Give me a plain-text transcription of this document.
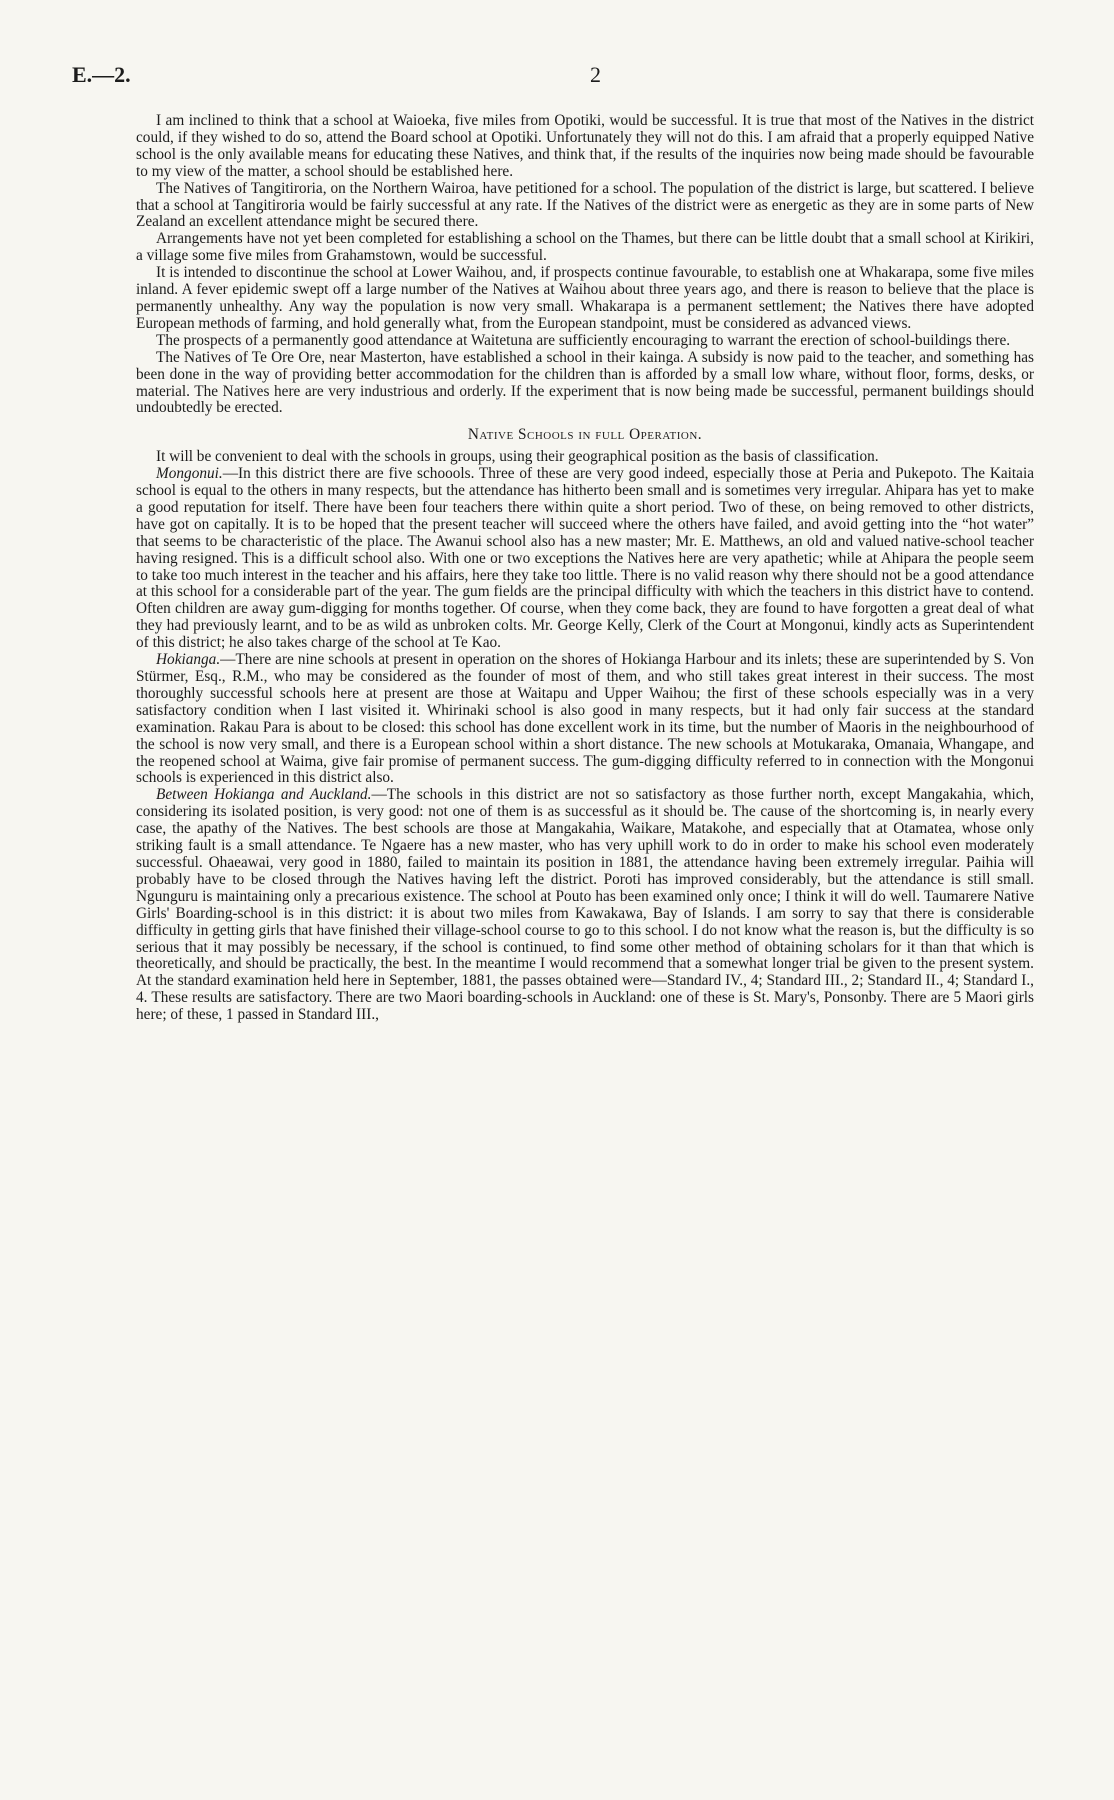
E.—2.	2

I am inclined to think that a school at Waioeka, five miles from Opotiki, would be successful. It is true that most of the Natives in the district could, if they wished to do so, attend the Board school at Opotiki. Unfortunately they will not do this. I am afraid that a properly equipped Native school is the only available means for educating these Natives, and think that, if the results of the inquiries now being made should be favourable to my view of the matter, a school should be established here.

The Natives of Tangitiroria, on the Northern Wairoa, have petitioned for a school. The population of the district is large, but scattered. I believe that a school at Tangitiroria would be fairly successful at any rate. If the Natives of the district were as energetic as they are in some parts of New Zealand an excellent attendance might be secured there.

Arrangements have not yet been completed for establishing a school on the Thames, but there can be little doubt that a small school at Kirikiri, a village some five miles from Grahamstown, would be successful.

It is intended to discontinue the school at Lower Waihou, and, if prospects continue favourable, to establish one at Whakarapa, some five miles inland. A fever epidemic swept off a large number of the Natives at Waihou about three years ago, and there is reason to believe that the place is permanently unhealthy. Any way the population is now very small. Whakarapa is a permanent settlement; the Natives there have adopted European methods of farming, and hold generally what, from the European standpoint, must be considered as advanced views.

The prospects of a permanently good attendance at Waitetuna are sufficiently encouraging to warrant the erection of school-buildings there.

The Natives of Te Ore Ore, near Masterton, have established a school in their kainga. A subsidy is now paid to the teacher, and something has been done in the way of providing better accommodation for the children than is afforded by a small low whare, without floor, forms, desks, or material. The Natives here are very industrious and orderly. If the experiment that is now being made be successful, permanent buildings should undoubtedly be erected.

Native Schools in full Operation.

It will be convenient to deal with the schools in groups, using their geographical position as the basis of classification.

Mongonui.—In this district there are five schoools. Three of these are very good indeed, especially those at Peria and Pukepoto. The Kaitaia school is equal to the others in many respects, but the attendance has hitherto been small and is sometimes very irregular. Ahipara has yet to make a good reputation for itself. There have been four teachers there within quite a short period. Two of these, on being removed to other districts, have got on capitally. It is to be hoped that the present teacher will succeed where the others have failed, and avoid getting into the “hot water” that seems to be characteristic of the place. The Awanui school also has a new master; Mr. E. Matthews, an old and valued native-school teacher having resigned. This is a difficult school also. With one or two exceptions the Natives here are very apathetic; while at Ahipara the people seem to take too much interest in the teacher and his affairs, here they take too little. There is no valid reason why there should not be a good attendance at this school for a considerable part of the year. The gum fields are the principal difficulty with which the teachers in this district have to contend. Often children are away gum-digging for months together. Of course, when they come back, they are found to have forgotten a great deal of what they had previously learnt, and to be as wild as unbroken colts. Mr. George Kelly, Clerk of the Court at Mongonui, kindly acts as Superintendent of this district; he also takes charge of the school at Te Kao.

Hokianga.—There are nine schools at present in operation on the shores of Hokianga Harbour and its inlets; these are superintended by S. Von Stürmer, Esq., R.M., who may be considered as the founder of most of them, and who still takes great interest in their success. The most thoroughly successful schools here at present are those at Waitapu and Upper Waihou; the first of these schools especially was in a very satisfactory condition when I last visited it. Whirinaki school is also good in many respects, but it had only fair success at the standard examination. Rakau Para is about to be closed: this school has done excellent work in its time, but the number of Maoris in the neighbourhood of the school is now very small, and there is a European school within a short distance. The new schools at Motukaraka, Omanaia, Whangape, and the reopened school at Waima, give fair promise of permanent success. The gum-digging difficulty referred to in connection with the Mongonui schools is experienced in this district also.

Between Hokianga and Auckland.—The schools in this district are not so satisfactory as those further north, except Mangakahia, which, considering its isolated position, is very good: not one of them is as successful as it should be. The cause of the shortcoming is, in nearly every case, the apathy of the Natives. The best schools are those at Mangakahia, Waikare, Matakohe, and especially that at Otamatea, whose only striking fault is a small attendance. Te Ngaere has a new master, who has very uphill work to do in order to make his school even moderately successful. Ohaeawai, very good in 1880, failed to maintain its position in 1881, the attendance having been extremely irregular. Paihia will probably have to be closed through the Natives having left the district. Poroti has improved considerably, but the attendance is still small. Ngunguru is maintaining only a precarious existence. The school at Pouto has been examined only once; I think it will do well. Taumarere Native Girls' Boarding-school is in this district: it is about two miles from Kawakawa, Bay of Islands. I am sorry to say that there is considerable difficulty in getting girls that have finished their village-school course to go to this school. I do not know what the reason is, but the difficulty is so serious that it may possibly be necessary, if the school is continued, to find some other method of obtaining scholars for it than that which is theoretically, and should be practically, the best. In the meantime I would recommend that a somewhat longer trial be given to the present system. At the standard examination held here in September, 1881, the passes obtained were—Standard IV., 4; Standard III., 2; Standard II., 4; Standard I., 4. These results are satisfactory. There are two Maori boarding-schools in Auckland: one of these is St. Mary's, Ponsonby. There are 5 Maori girls here; of these, 1 passed in Standard III.,
